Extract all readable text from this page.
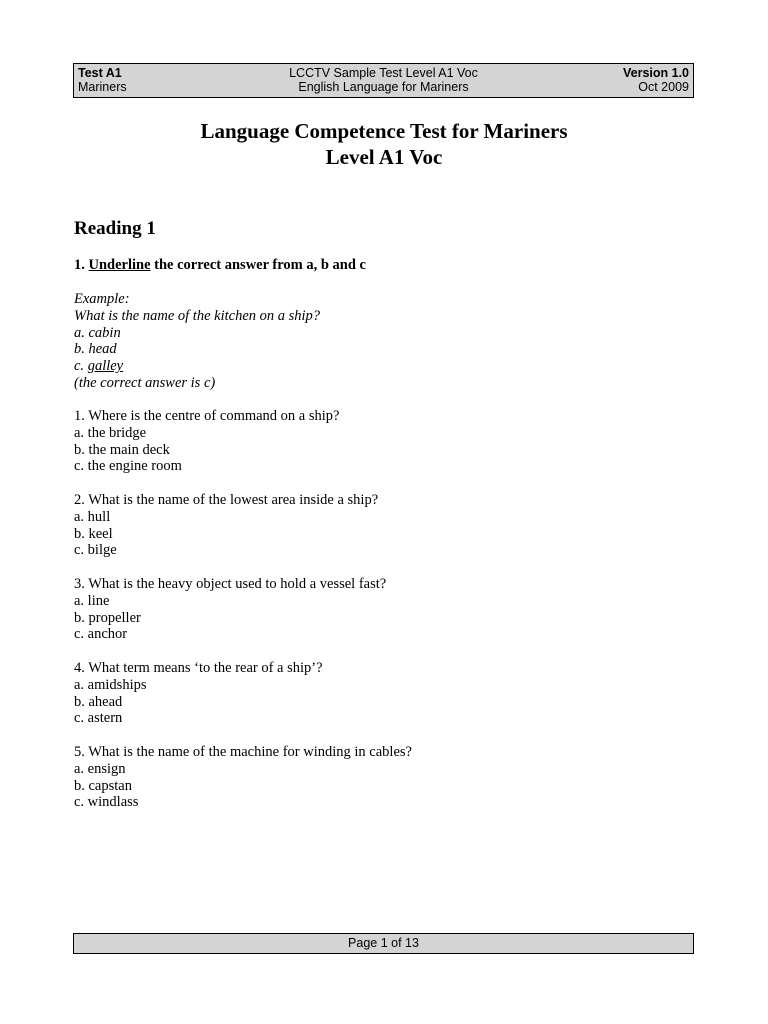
Test A1
Mariners
LCCTV Sample Test Level A1 Voc
English Language for Mariners
Version 1.0
Oct 2009
Language Competence Test for Mariners
Level A1 Voc
Reading 1
1. Underline the correct answer from a, b and c
Example:
What is the name of the kitchen on a ship?
a. cabin
b. head
c. galley
(the correct answer is c)
1. Where is the centre of command on a ship?
a. the bridge
b. the main deck
c. the engine room
2. What is the name of the lowest area inside a ship?
a. hull
b. keel
c. bilge
3. What is the heavy object used to hold a vessel fast?
a. line
b. propeller
c. anchor
4. What term means ‘to the rear of a ship’?
a. amidships
b. ahead
c. astern
5. What is the name of the machine for winding in cables?
a. ensign
b. capstan
c. windlass
Page 1 of 13
